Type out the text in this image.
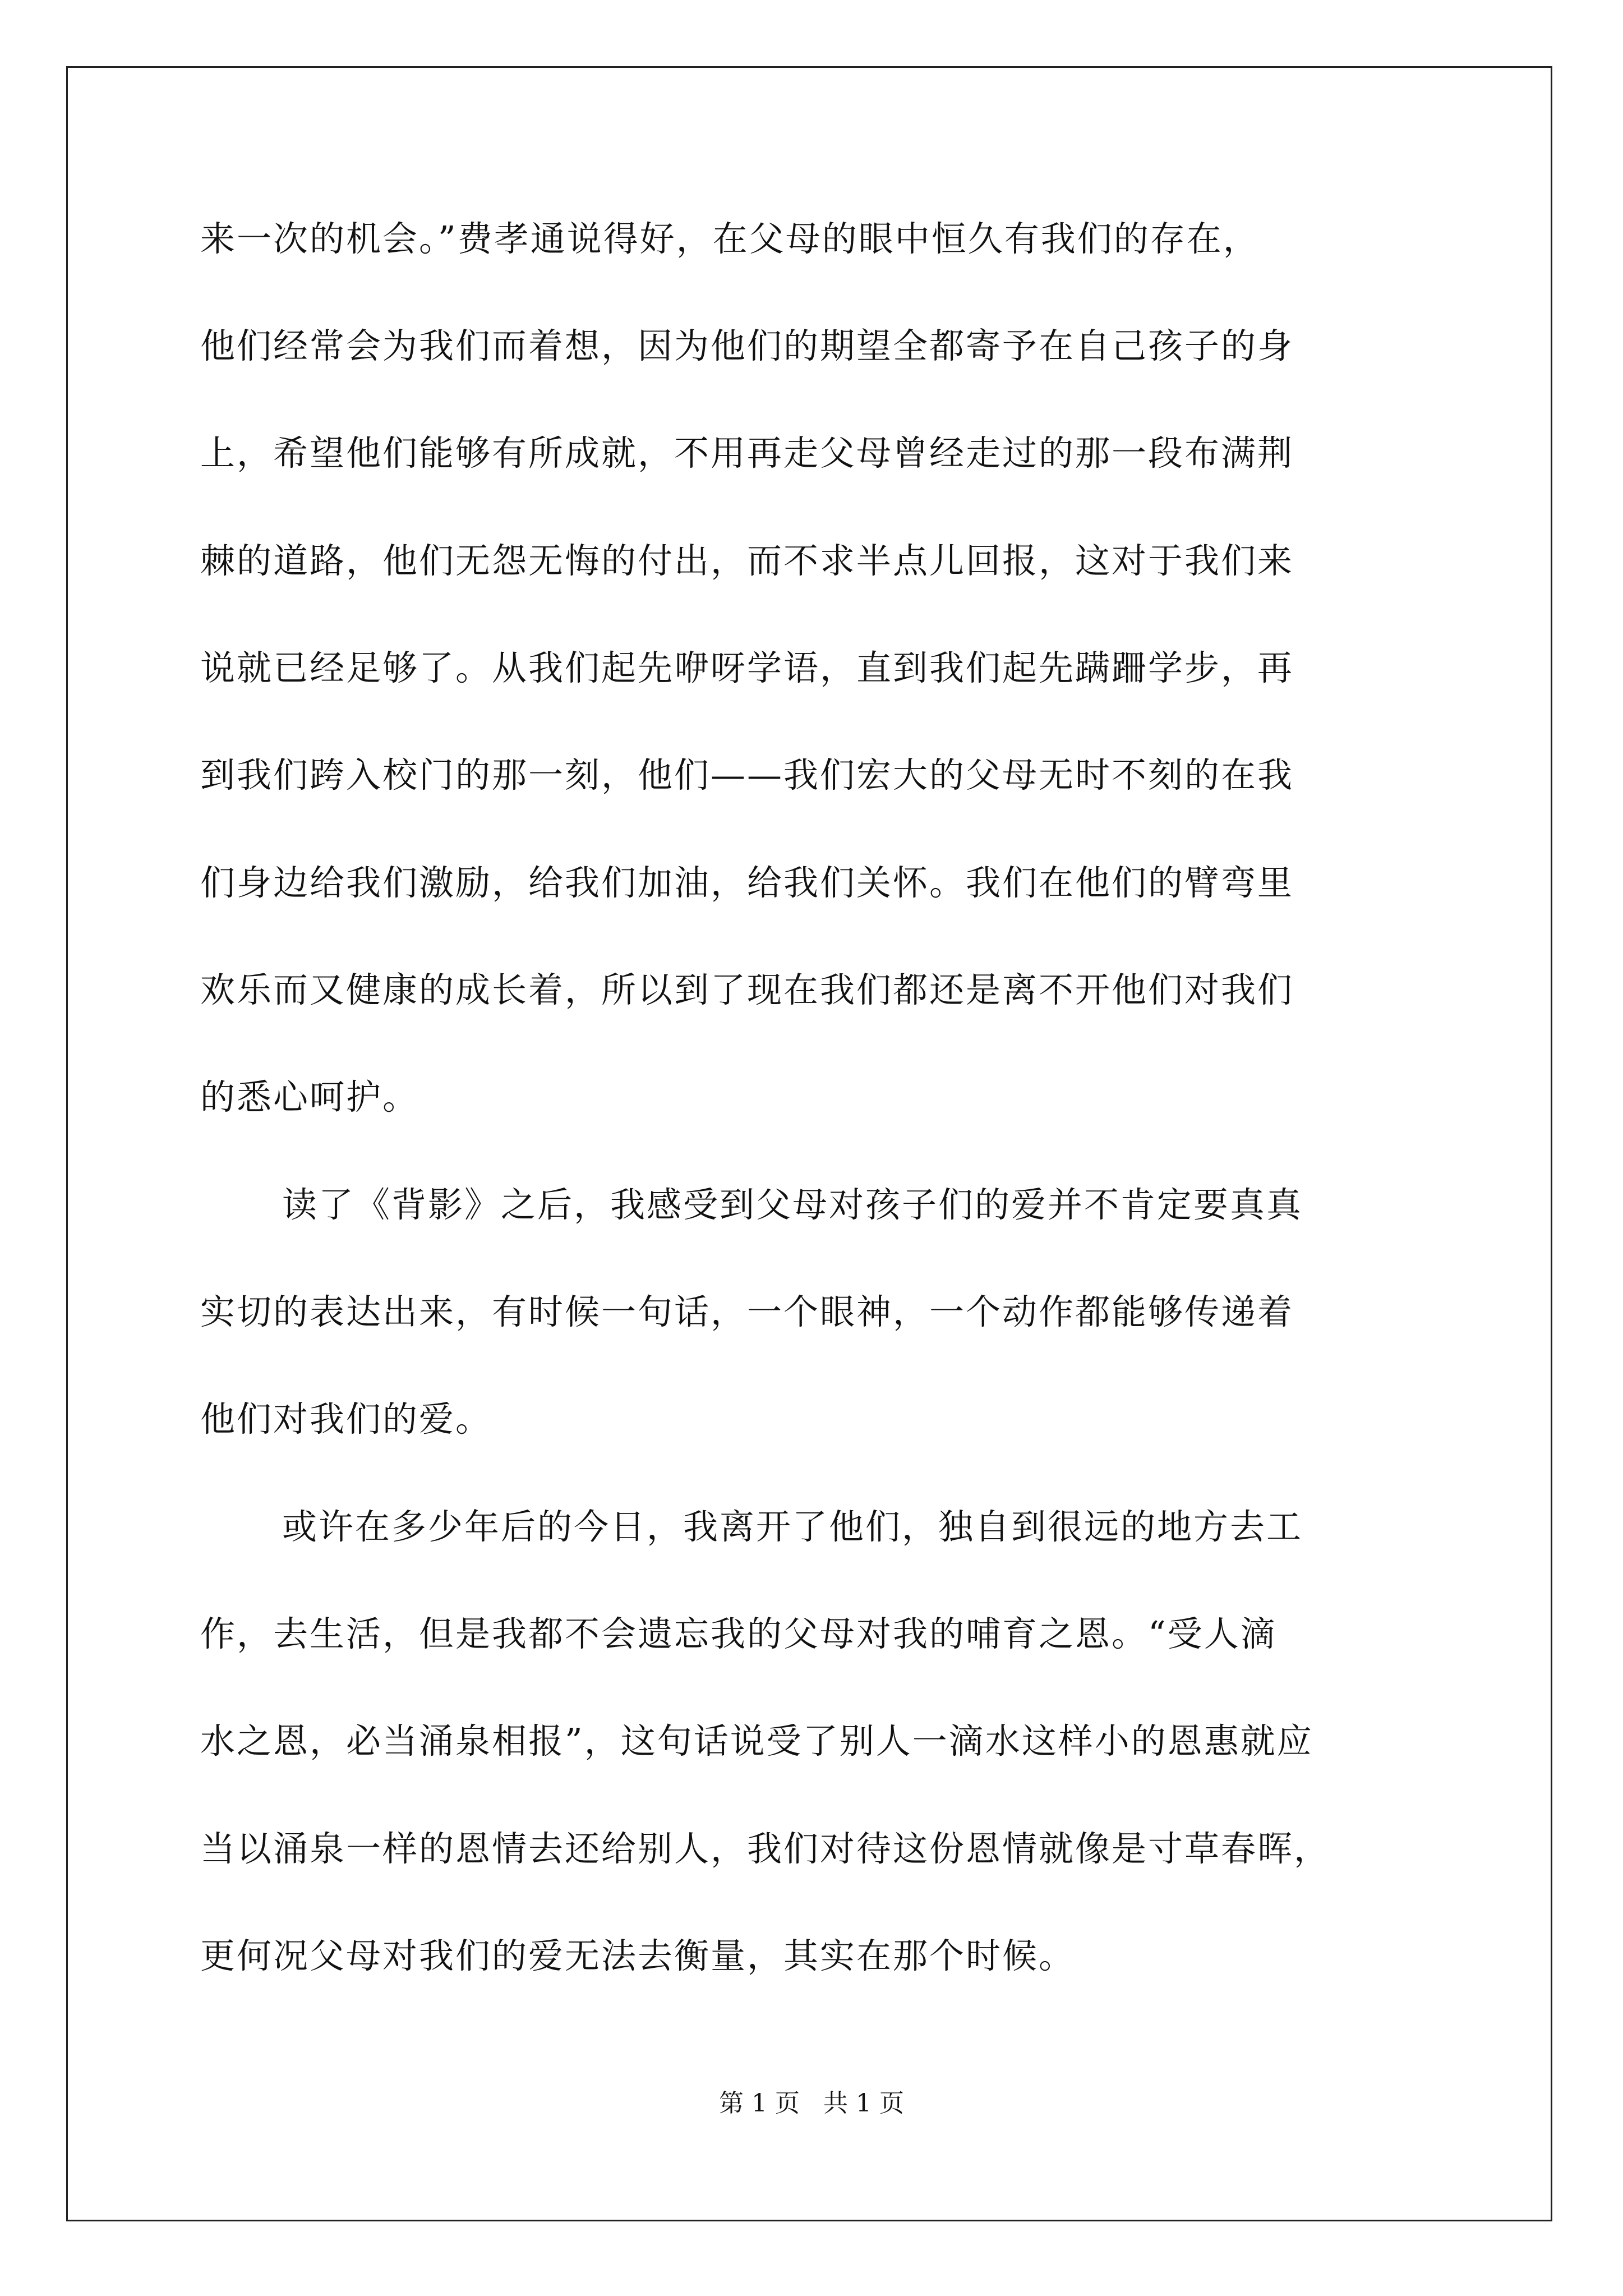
来一次的机会。”费孝通说得好，在父母的眼中恒久有我们的存在，
他们经常会为我们而着想，因为他们的期望全都寄予在自己孩子的身
上，希望他们能够有所成就，不用再走父母曾经走过的那一段布满荆
棘的道路，他们无怨无悔的付出，而不求半点儿回报，这对于我们来
说就已经足够了。从我们起先咿呀学语，直到我们起先蹒跚学步，再
到我们跨入校门的那一刻，他们——我们宏大的父母无时不刻的在我
们身边给我们激励，给我们加油，给我们关怀。我们在他们的臂弯里
欢乐而又健康的成长着，所以到了现在我们都还是离不开他们对我们
的悉心呵护。
读了《背影》之后，我感受到父母对孩子们的爱并不肯定要真真
实切的表达出来，有时候一句话，一个眼神，一个动作都能够传递着
他们对我们的爱。
或许在多少年后的今日，我离开了他们，独自到很远的地方去工
作，去生活，但是我都不会遗忘我的父母对我的哺育之恩。“受人滴
水之恩，必当涌泉相报”，这句话说受了别人一滴水这样小的恩惠就应
当以涌泉一样的恩情去还给别人，我们对待这份恩情就像是寸草春晖，
更何况父母对我们的爱无法去衡量，其实在那个时候。
第 1 页   共 1 页
